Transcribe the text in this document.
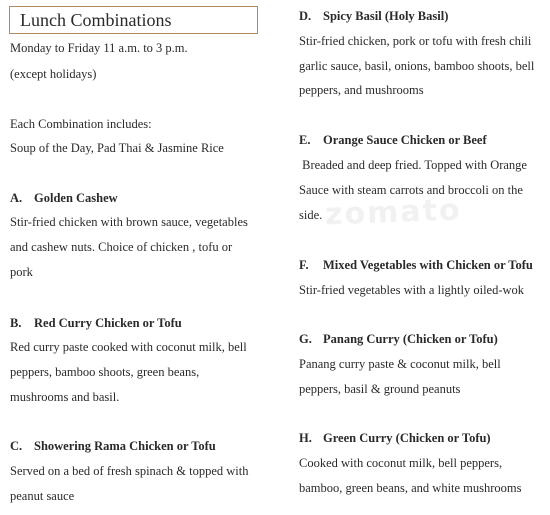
Lunch Combinations
Monday to Friday 11 a.m. to 3 p.m.
(except holidays)
Each Combination includes:
Soup of the Day, Pad Thai & Jasmine Rice
A. Golden Cashew
Stir-fried chicken with brown sauce, vegetables
and cashew nuts. Choice of chicken , tofu or
pork
B. Red Curry Chicken or Tofu
Red curry paste cooked with coconut milk, bell
peppers, bamboo shoots, green beans,
mushrooms and basil.
C. Showering Rama Chicken or Tofu
Served on a bed of fresh spinach & topped with
peanut sauce
D. Spicy Basil (Holy Basil)
Stir-fried chicken, pork or tofu with fresh chili
garlic sauce, basil, onions, bamboo shoots, bell
peppers, and mushrooms
E. Orange Sauce Chicken or Beef
Breaded and deep fried. Topped with Orange
Sauce with steam carrots and broccoli on the
side.
F. Mixed Vegetables with Chicken or Tofu
Stir-fried vegetables with a lightly oiled-wok
G. Panang Curry (Chicken or Tofu)
Panang curry paste & coconut milk, bell
peppers, basil & ground peanuts
H. Green Curry (Chicken or Tofu)
Cooked with coconut milk, bell peppers,
bamboo, green beans, and white mushrooms
zomato
